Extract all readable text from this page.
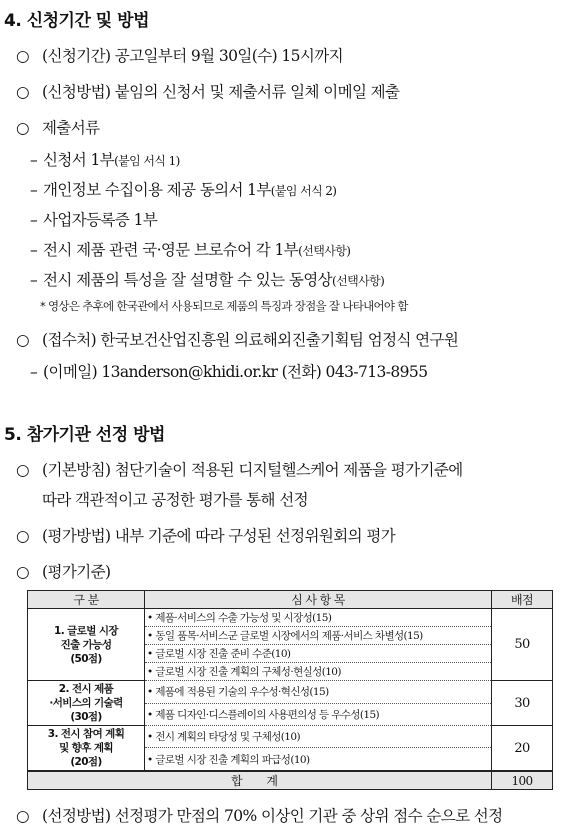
4. 신청기간 및 방법
○ (신청기간) 공고일부터 9월 30일(수) 15시까지
○ (신청방법) 붙임의 신청서 및 제출서류 일체 이메일 제출
○ 제출서류
– 신청서 1부(붙임 서식 1)
– 개인정보 수집이용 제공 동의서 1부(붙임 서식 2)
– 사업자등록증 1부
– 전시 제품 관련 국·영문 브로슈어 각 1부(선택사항)
– 전시 제품의 특성을 잘 설명할 수 있는 동영상(선택사항)
* 영상은 추후에 한국관에서 사용되므로 제품의 특징과 장점을 잘 나타내어야 함
○ (접수처) 한국보건산업진흥원 의료해외진출기획팀 엄정식 연구원
– (이메일) 13anderson@khidi.or.kr (전화) 043-713-8955
5. 참가기관 선정 방법
○ (기본방침) 첨단기술이 적용된 디지털헬스케어 제품을 평가기준에
따라 객관적이고 공정한 평가를 통해 선정
○ (평가방법) 내부 기준에 따라 구성된 선정위원회의 평가
○ (평가기준)
구 분	심 사 항 목	배점
1. 글로벌 시장
진출 가능성
(50점)	• 제품·서비스의 수출 가능성 및 시장성(15)	50
	• 동일 품목·서비스군 글로벌 시장에서의 제품·서비스 차별성(15)	
	• 글로벌 시장 진출 준비 수준(10)	
	• 글로벌 시장 진출 계획의 구체성·현실성(10)	
2. 전시 제품
·서비스의 기술력
(30점)	• 제품에 적용된 기술의 우수성·혁신성(15)	30
	• 제품 디자인·디스플레이의 사용편의성 등 우수성(15)	
3. 전시 참여 계획
및 향후 계획
(20점)	• 전시 계획의 타당성 및 구체성(10)	20
	• 글로벌 시장 진출 계획의 파급성(10)	
합 계		100
○ (선정방법) 선정평가 만점의 70% 이상인 기관 중 상위 점수 순으로 선정
